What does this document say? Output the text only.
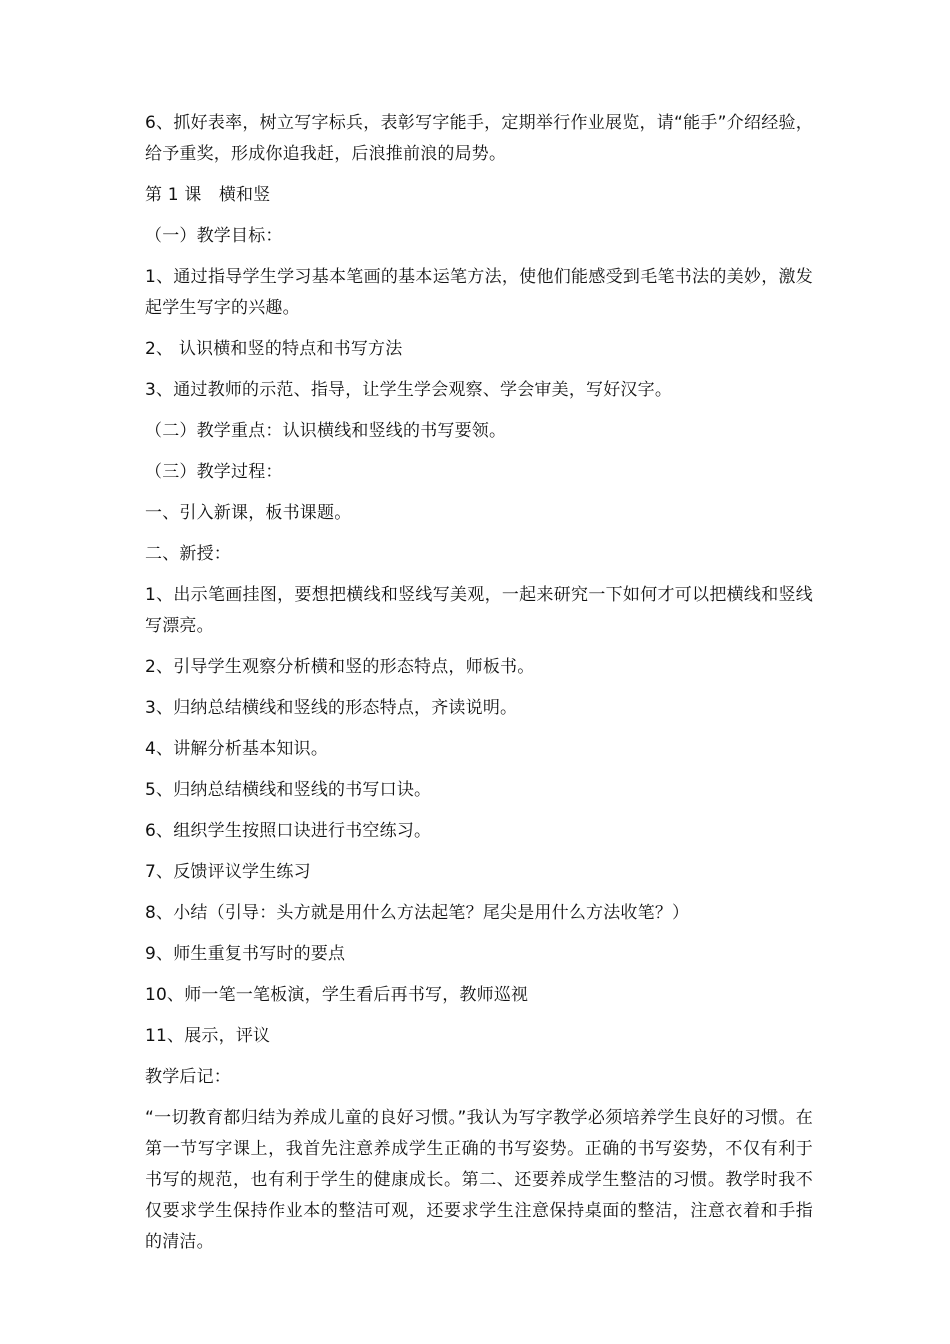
6、抓好表率，树立写字标兵，表彰写字能手，定期举行作业展览，请“能手”介绍经验，给予重奖，形成你追我赶，后浪推前浪的局势。

第 1 课　横和竖

（一）教学目标：

1、通过指导学生学习基本笔画的基本运笔方法，使他们能感受到毛笔书法的美妙，激发起学生写字的兴趣。

2、 认识横和竖的特点和书写方法

3、通过教师的示范、指导，让学生学会观察、学会审美，写好汉字。

（二）教学重点：认识横线和竖线的书写要领。

（三）教学过程：

一、引入新课，板书课题。

二、新授：

1、出示笔画挂图，要想把横线和竖线写美观，一起来研究一下如何才可以把横线和竖线写漂亮。

2、引导学生观察分析横和竖的形态特点，师板书。

3、归纳总结横线和竖线的形态特点，齐读说明。

4、讲解分析基本知识。

5、归纳总结横线和竖线的书写口诀。

6、组织学生按照口诀进行书空练习。

7、反馈评议学生练习

8、小结（引导：头方就是用什么方法起笔？尾尖是用什么方法收笔？）

9、师生重复书写时的要点

10、师一笔一笔板演，学生看后再书写，教师巡视

11、展示，评议

教学后记：

“一切教育都归结为养成儿童的良好习惯。”我认为写字教学必须培养学生良好的习惯。在第一节写字课上，我首先注意养成学生正确的书写姿势。正确的书写姿势，不仅有利于书写的规范，也有利于学生的健康成长。第二、还要养成学生整洁的习惯。教学时我不仅要求学生保持作业本的整洁可观，还要求学生注意保持桌面的整洁，注意衣着和手指的清洁。
